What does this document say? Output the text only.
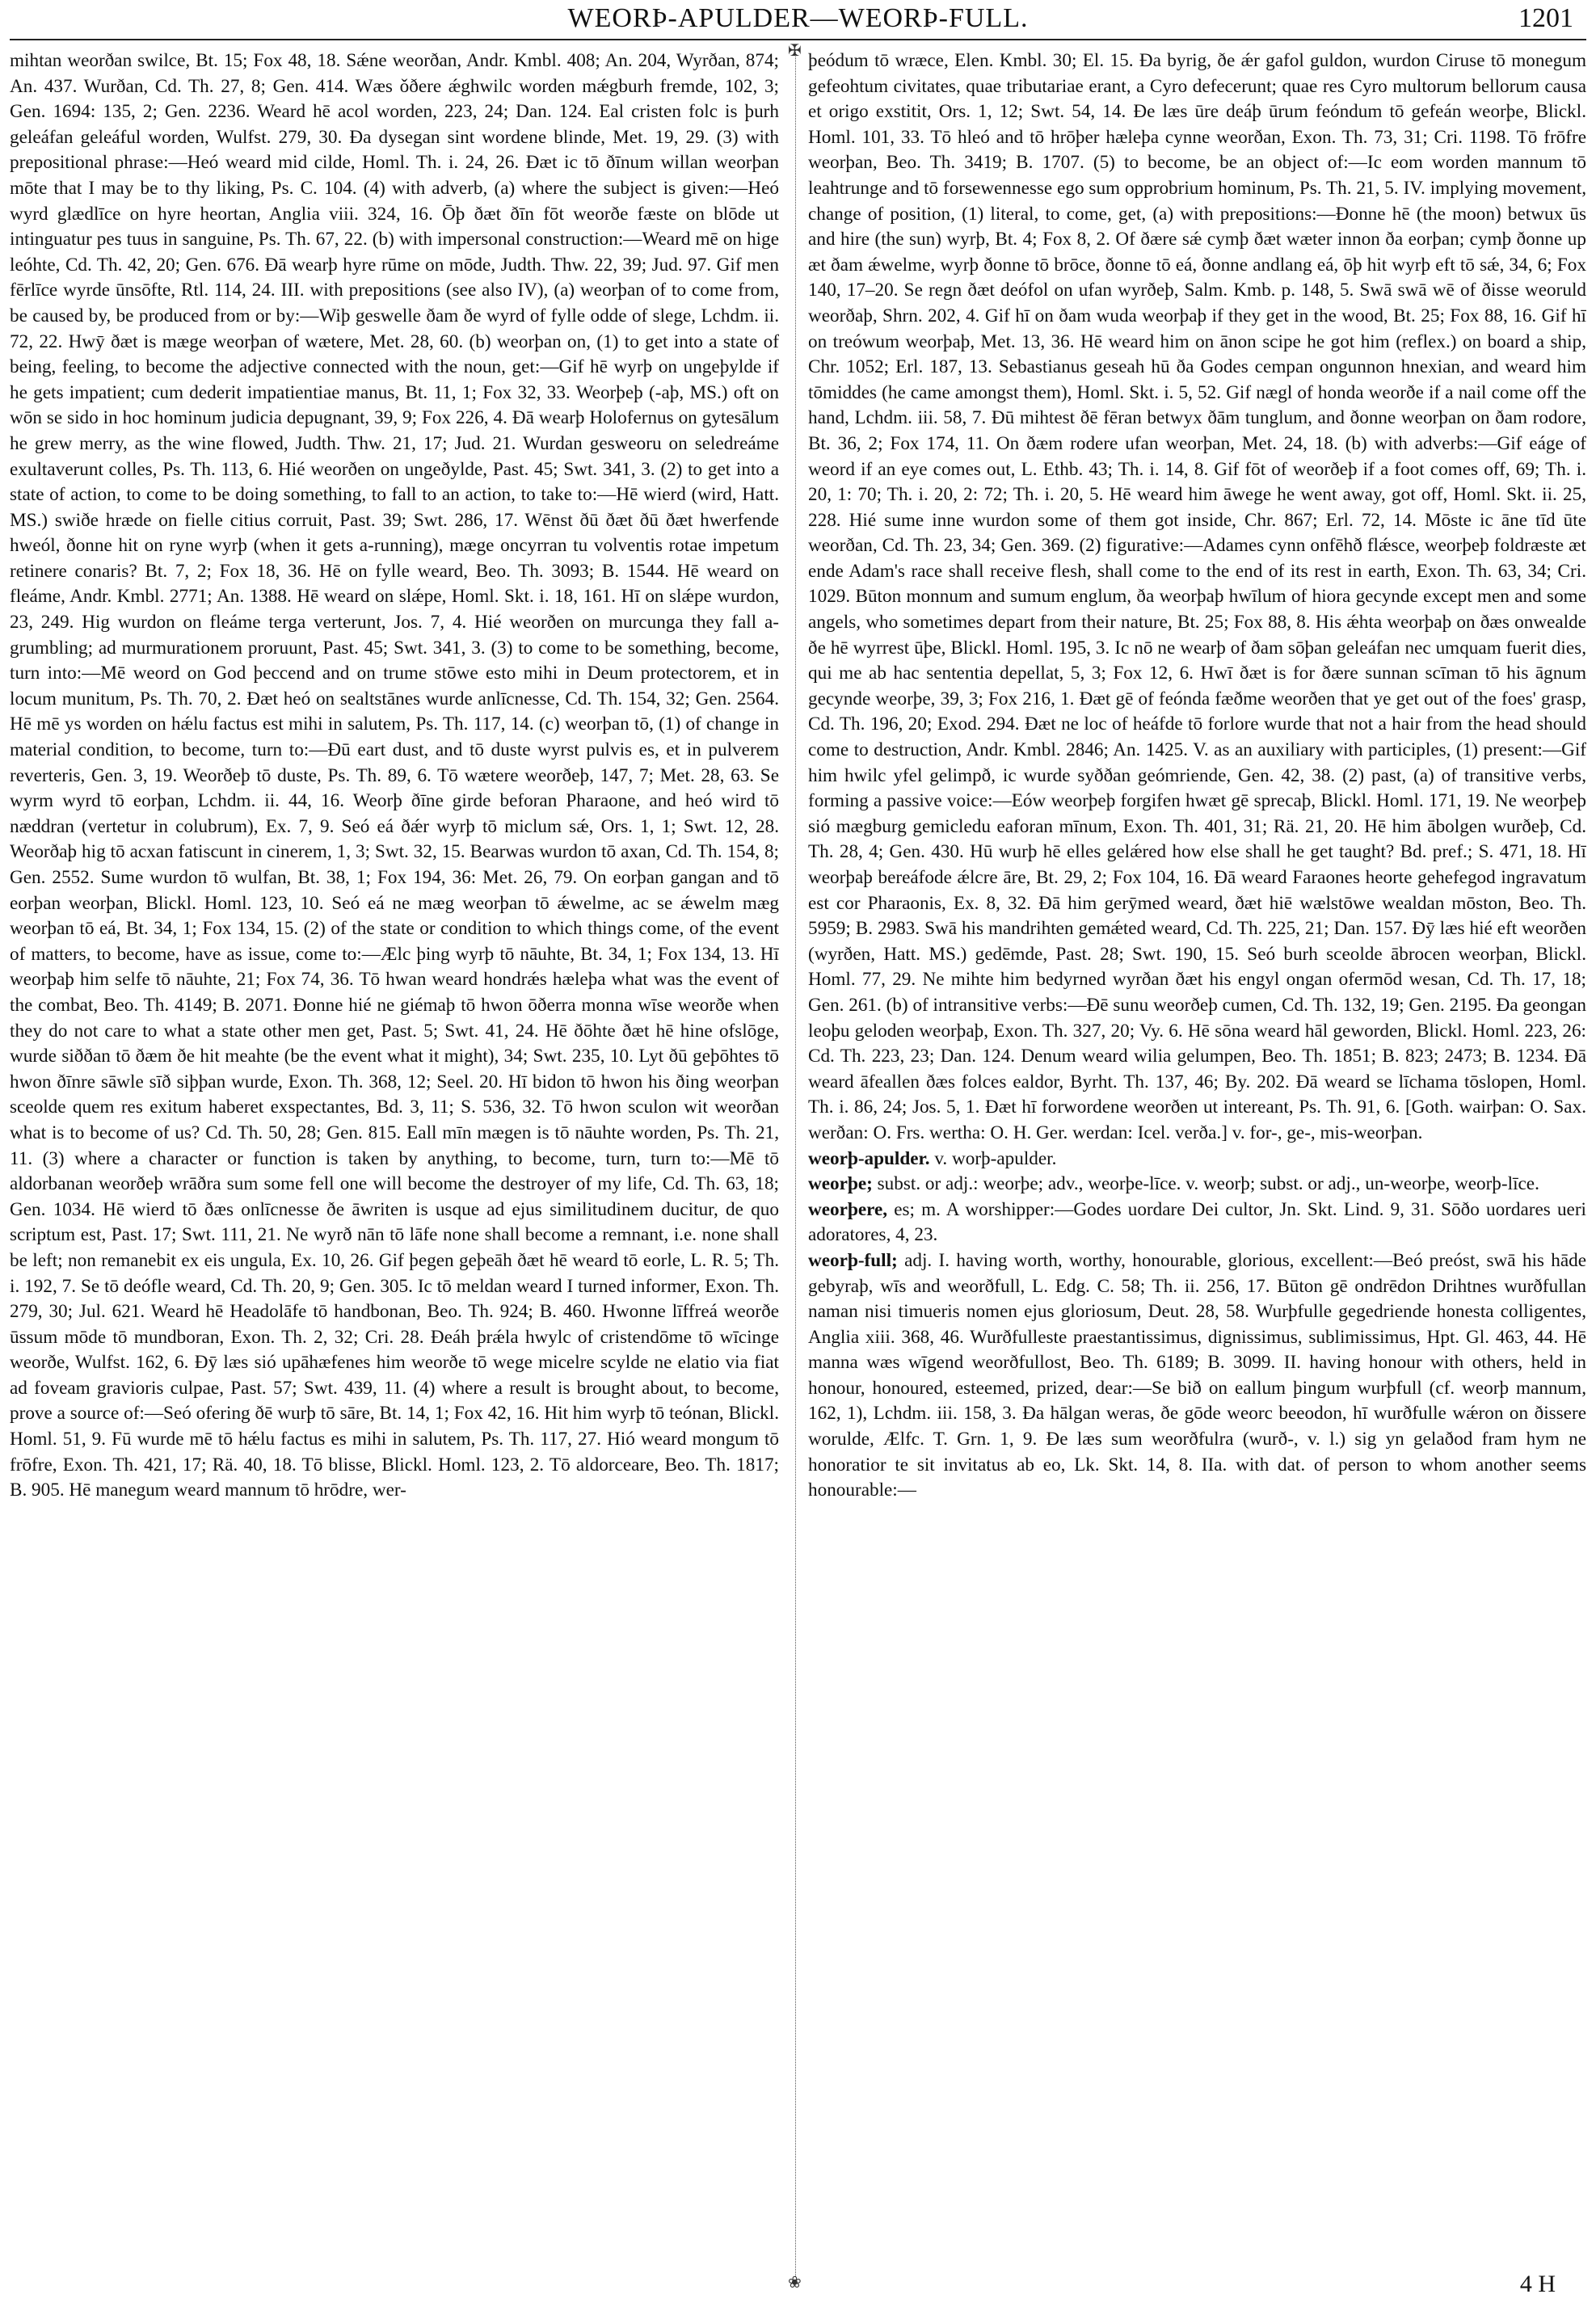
WEORÞ-APULDER—WEORÞ-FULL.	1201

mihtan weorðan swilce, Bt. 15; Fox 48, 18. Sǽne weorðan, Andr. Kmbl. 408; An. 204, Wyrðan, 874; An. 437. Wurðan, Cd. Th. 27, 8; Gen. 414. Wæs ǒðere ǽghwilc worden mǽgburh fremde, 102, 3; Gen. 1694: 135, 2; Gen. 2236. Weard hē acol worden, 223, 24; Dan. 124. Eal cristen folc is þurh geleáfan geleáful worden, Wulfst. 279, 30. Ða dysegan sint wordene blinde, Met. 19, 29. (3) with prepositional phrase:—Heó weard mid cilde, Homl. Th. i. 24, 26. Ðæt ic tō ðīnum willan weorþan mōte that I may be to thy liking, Ps. C. 104. (4) with adverb, (a) where the subject is given:—Heó wyrd glædlīce on hyre heortan, Anglia viii. 324, 16. Ōþ ðæt ðīn fōt weorðe fæste on blōde ut intinguatur pes tuus in sanguine, Ps. Th. 67, 22. (b) with impersonal construction:—Weard mē on hige leóhte, Cd. Th. 42, 20; Gen. 676. Ðā wearþ hyre rūme on mōde, Judth. Thw. 22, 39; Jud. 97. Gif men fērlīce wyrde ūnsōfte, Rtl. 114, 24. III. with prepositions (see also IV), (a) weorþan of to come from, be caused by, be produced from or by:—Wiþ geswelle ðam ðe wyrd of fylle odde of slege, Lchdm. ii. 72, 22. Hwȳ ðæt is mæge weorþan of wætere, Met. 28, 60. (b) weorþan on, (1) to get into a state of being, feeling, to become the adjective connected with the noun, get:—Gif hē wyrþ on ungeþylde if he gets impatient; cum dederit impatientiae manus, Bt. 11, 1; Fox 32, 33. Weorþeþ (-aþ, MS.) oft on wōn se sido in hoc hominum judicia depugnant, 39, 9; Fox 226, 4. Ðā wearþ Holofernus on gytesālum he grew merry, as the wine flowed, Judth. Thw. 21, 17; Jud. 21. Wurdan gesweoru on seledreáme exultaverunt colles, Ps. Th. 113, 6. Hié weorðen on ungeðylde, Past. 45; Swt. 341, 3. (2) to get into a state of action, to come to be doing something, to fall to an action, to take to:—Hē wierd (wird, Hatt. MS.) swiðe hræde on fielle citius corruit, Past. 39; Swt. 286, 17. Wēnst ðū ðæt ðū ðæt hwerfende hweól, ðonne hit on ryne wyrþ (when it gets a-running), mæge oncyrran tu volventis rotae impetum retinere conaris? Bt. 7, 2; Fox 18, 36. Hē on fylle weard, Beo. Th. 3093; B. 1544. Hē weard on fleáme, Andr. Kmbl. 2771; An. 1388. Hē weard on slǽpe, Homl. Skt. i. 18, 161. Hī on slǽpe wurdon, 23, 249. Hig wurdon on fleáme terga verterunt, Jos. 7, 4. Hié weorðen on murcunga they fall a-grumbling; ad murmurationem proruunt, Past. 45; Swt. 341, 3. (3) to come to be something, become, turn into:—Mē weord on God þeccend and on trume stōwe esto mihi in Deum protectorem, et in locum munitum, Ps. Th. 70, 2. Ðæt heó on sealtstānes wurde anlīcnesse, Cd. Th. 154, 32; Gen. 2564. Hē mē ys worden on hǽlu factus est mihi in salutem, Ps. Th. 117, 14. (c) weorþan tō, (1) of change in material condition, to become, turn to:—Ðū eart dust, and tō duste wyrst pulvis es, et in pulverem reverteris, Gen. 3, 19. Weorðeþ tō duste, Ps. Th. 89, 6. Tō wætere weorðeþ, 147, 7; Met. 28, 63. Se wyrm wyrd tō eorþan, Lchdm. ii. 44, 16. Weorþ ðīne girde beforan Pharaone, and heó wird tō næddran (vertetur in colubrum), Ex. 7, 9. Seó eá ðǽr wyrþ tō miclum sǽ, Ors. 1, 1; Swt. 12, 28. Weorðaþ hig tō acxan fatiscunt in cinerem, 1, 3; Swt. 32, 15. Bearwas wurdon tō axan, Cd. Th. 154, 8; Gen. 2552. Sume wurdon tō wulfan, Bt. 38, 1; Fox 194, 36: Met. 26, 79. On eorþan gangan and tō eorþan weorþan, Blickl. Homl. 123, 10. Seó eá ne mæg weorþan tō ǽwelme, ac se ǽwelm mæg weorþan tō eá, Bt. 34, 1; Fox 134, 15. (2) of the state or condition to which things come, of the event of matters, to become, have as issue, come to:—Ælc þing wyrþ tō nāuhte, Bt. 34, 1; Fox 134, 13. Hī weorþaþ him selfe tō nāuhte, 21; Fox 74, 36. Tō hwan weard hondrǽs hæleþa what was the event of the combat, Beo. Th. 4149; B. 2071. Ðonne hié ne giémaþ tō hwon ōðerra monna wīse weorðe when they do not care to what a state other men get, Past. 5; Swt. 41, 24. Hē ðōhte ðæt hē hine ofslōge, wurde siððan tō ðæm ðe hit meahte (be the event what it might), 34; Swt. 235, 10. Lyt ðū geþōhtes tō hwon ðīnre sāwle sīð siþþan wurde, Exon. Th. 368, 12; Seel. 20. Hī bidon tō hwon his ðing weorþan sceolde quem res exitum haberet exspectantes, Bd. 3, 11; S. 536, 32. Tō hwon sculon wit weorðan what is to become of us? Cd. Th. 50, 28; Gen. 815. Eall mīn mægen is tō nāuhte worden, Ps. Th. 21, 11. (3) where a character or function is taken by anything, to become, turn, turn to:—Mē tō aldorbanan weorðeþ wrāðra sum some fell one will become the destroyer of my life, Cd. Th. 63, 18; Gen. 1034. Hē wierd tō ðæs onlīcnesse ðe āwriten is usque ad ejus similitudinem ducitur, de quo scriptum est, Past. 17; Swt. 111, 21. Ne wyrð nān tō lāfe none shall become a remnant, i.e. none shall be left; non remanebit ex eis ungula, Ex. 10, 26. Gif þegen geþeāh ðæt hē weard tō eorle, L. R. 5; Th. i. 192, 7. Se tō deófle weard, Cd. Th. 20, 9; Gen. 305. Ic tō meldan weard I turned informer, Exon. Th. 279, 30; Jul. 621. Weard hē Headolāfe tō handbonan, Beo. Th. 924; B. 460. Hwonne līffreá weorðe ūssum mōde tō mundboran, Exon. Th. 2, 32; Cri. 28. Ðeáh þrǽla hwylc of cristendōme tō wīcinge weorðe, Wulfst. 162, 6. Ðȳ læs sió upāhæfenes him weorðe tō wege micelre scylde ne elatio via fiat ad foveam gravioris culpae, Past. 57; Swt. 439, 11. (4) where a result is brought about, to become, prove a source of:—Seó ofering ðē wurþ tō sāre, Bt. 14, 1; Fox 42, 16. Hit him wyrþ tō teónan, Blickl. Homl. 51, 9. Fū wurde mē tō hǽlu factus es mihi in salutem, Ps. Th. 117, 27. Hió weard mongum tō frōfre, Exon. Th. 421, 17; Rä. 40, 18. Tō blisse, Blickl. Homl. 123, 2. Tō aldorceare, Beo. Th. 1817; B. 905. Hē manegum weard mannum tō hrōdre, wer-

✠
❀

þeódum tō wræce, Elen. Kmbl. 30; El. 15. Ða byrig, ðe ǽr gafol guldon, wurdon Ciruse tō monegum gefeohtum civitates, quae tributariae erant, a Cyro defecerunt; quae res Cyro multorum bellorum causa et origo exstitit, Ors. 1, 12; Swt. 54, 14. Ðe læs ūre deáþ ūrum feóndum tō gefeán weorþe, Blickl. Homl. 101, 33. Tō hleó and tō hrōþer hæleþa cynne weorðan, Exon. Th. 73, 31; Cri. 1198. Tō frōfre weorþan, Beo. Th. 3419; B. 1707. (5) to become, be an object of:—Ic eom worden mannum tō leahtrunge and tō forsewennesse ego sum opprobrium hominum, Ps. Th. 21, 5. IV. implying movement, change of position, (1) literal, to come, get, (a) with prepositions:—Ðonne hē (the moon) betwux ūs and hire (the sun) wyrþ, Bt. 4; Fox 8, 2. Of ðære sǽ cymþ ðæt wæter innon ða eorþan; cymþ ðonne up æt ðam ǽwelme, wyrþ ðonne tō brōce, ðonne tō eá, ðonne andlang eá, ōþ hit wyrþ eft tō sǽ, 34, 6; Fox 140, 17–20. Se regn ðæt deófol on ufan wyrðeþ, Salm. Kmb. p. 148, 5. Swā swā wē of ðisse weoruld weorðaþ, Shrn. 202, 4. Gif hī on ðam wuda weorþaþ if they get in the wood, Bt. 25; Fox 88, 16. Gif hī on treówum weorþaþ, Met. 13, 36. Hē weard him on ānon scipe he got him (reflex.) on board a ship, Chr. 1052; Erl. 187, 13. Sebastianus geseah hū ða Godes cempan ongunnon hnexian, and weard him tōmiddes (he came amongst them), Homl. Skt. i. 5, 52. Gif nægl of honda weorðe if a nail come off the hand, Lchdm. iii. 58, 7. Ðū mihtest ðē fēran betwyx ðām tunglum, and ðonne weorþan on ðam rodore, Bt. 36, 2; Fox 174, 11. On ðæm rodere ufan weorþan, Met. 24, 18. (b) with adverbs:—Gif eáge of weord if an eye comes out, L. Ethb. 43; Th. i. 14, 8. Gif fōt of weorðeþ if a foot comes off, 69; Th. i. 20, 1: 70; Th. i. 20, 2: 72; Th. i. 20, 5. Hē weard him āwege he went away, got off, Homl. Skt. ii. 25, 228. Hié sume inne wurdon some of them got inside, Chr. 867; Erl. 72, 14. Mōste ic āne tīd ūte weorðan, Cd. Th. 23, 34; Gen. 369. (2) figurative:—Adames cynn onfēhð flǽsce, weorþeþ foldræste æt ende Adam's race shall receive flesh, shall come to the end of its rest in earth, Exon. Th. 63, 34; Cri. 1029. Būton monnum and sumum englum, ða weorþaþ hwīlum of hiora gecynde except men and some angels, who sometimes depart from their nature, Bt. 25; Fox 88, 8. His ǽhta weorþaþ on ðæs onwealde ðe hē wyrrest ūþe, Blickl. Homl. 195, 3. Ic nō ne wearþ of ðam sōþan geleáfan nec umquam fuerit dies, qui me ab hac sententia depellat, 5, 3; Fox 12, 6. Hwī ðæt is for ðære sunnan scīman tō his āgnum gecynde weorþe, 39, 3; Fox 216, 1. Ðæt gē of feónda fæðme weorðen that ye get out of the foes' grasp, Cd. Th. 196, 20; Exod. 294. Ðæt ne loc of heáfde tō forlore wurde that not a hair from the head should come to destruction, Andr. Kmbl. 2846; An. 1425. V. as an auxiliary with participles, (1) present:—Gif him hwilc yfel gelimpð, ic wurde syððan geómriende, Gen. 42, 38. (2) past, (a) of transitive verbs, forming a passive voice:—Eów weorþeþ forgifen hwæt gē sprecaþ, Blickl. Homl. 171, 19. Ne weorþeþ sió mægburg gemicledu eaforan mīnum, Exon. Th. 401, 31; Rä. 21, 20. Hē him ābolgen wurðeþ, Cd. Th. 28, 4; Gen. 430. Hū wurþ hē elles gelǽred how else shall he get taught? Bd. pref.; S. 471, 18. Hī weorþaþ bereáfode ǽlcre āre, Bt. 29, 2; Fox 104, 16. Ðā weard Faraones heorte gehefegod ingravatum est cor Pharaonis, Ex. 8, 32. Ðā him gerȳmed weard, ðæt hiē wælstōwe wealdan mōston, Beo. Th. 5959; B. 2983. Swā his mandrihten gemǽted weard, Cd. Th. 225, 21; Dan. 157. Ðȳ læs hié eft weorðen (wyrðen, Hatt. MS.) gedēmde, Past. 28; Swt. 190, 15. Seó burh sceolde ābrocen weorþan, Blickl. Homl. 77, 29. Ne mihte him bedyrned wyrðan ðæt his engyl ongan ofermōd wesan, Cd. Th. 17, 18; Gen. 261. (b) of intransitive verbs:—Ðē sunu weorðeþ cumen, Cd. Th. 132, 19; Gen. 2195. Ða geongan leoþu geloden weorþaþ, Exon. Th. 327, 20; Vy. 6. Hē sōna weard hāl geworden, Blickl. Homl. 223, 26: Cd. Th. 223, 23; Dan. 124. Denum weard wilia gelumpen, Beo. Th. 1851; B. 823; 2473; B. 1234. Ðā weard āfeallen ðæs folces ealdor, Byrht. Th. 137, 46; By. 202. Ðā weard se līchama tōslopen, Homl. Th. i. 86, 24; Jos. 5, 1. Ðæt hī forwordene weorðen ut intereant, Ps. Th. 91, 6. [Goth. wairþan: O. Sax. werðan: O. Frs. wertha: O. H. Ger. werdan: Icel. verða.] v. for-, ge-, mis-weorþan.

weorþ-apulder. v. worþ-apulder.

weorþe; subst. or adj.: weorþe; adv., weorþe-līce. v. weorþ; subst. or adj., un-weorþe, weorþ-līce.

weorþere, es; m. A worshipper:—Godes uordare Dei cultor, Jn. Skt. Lind. 9, 31. Sōðo uordares ueri adoratores, 4, 23.

weorþ-full; adj. I. having worth, worthy, honourable, glorious, excellent:—Beó preóst, swā his hāde gebyraþ, wīs and weorðfull, L. Edg. C. 58; Th. ii. 256, 17. Būton gē ondrēdon Drihtnes wurðfullan naman nisi timueris nomen ejus gloriosum, Deut. 28, 58. Wurþfulle gegedriende honesta colligentes, Anglia xiii. 368, 46. Wurðfulleste praestantissimus, dignissimus, sublimissimus, Hpt. Gl. 463, 44. Hē manna wæs wīgend weorðfullost, Beo. Th. 6189; B. 3099. II. having honour with others, held in honour, honoured, esteemed, prized, dear:—Se bið on eallum þingum wurþfull (cf. weorþ mannum, 162, 1), Lchdm. iii. 158, 3. Ða hālgan weras, ðe gōde weorc beeodon, hī wurðfulle wǽron on ðissere worulde, Ælfc. T. Grn. 1, 9. Ðe læs sum weorðfulra (wurð-, v. l.) sig yn gelaðod fram hym ne honoratior te sit invitatus ab eo, Lk. Skt. 14, 8. IIa. with dat. of person to whom another seems honourable:—

4 H
